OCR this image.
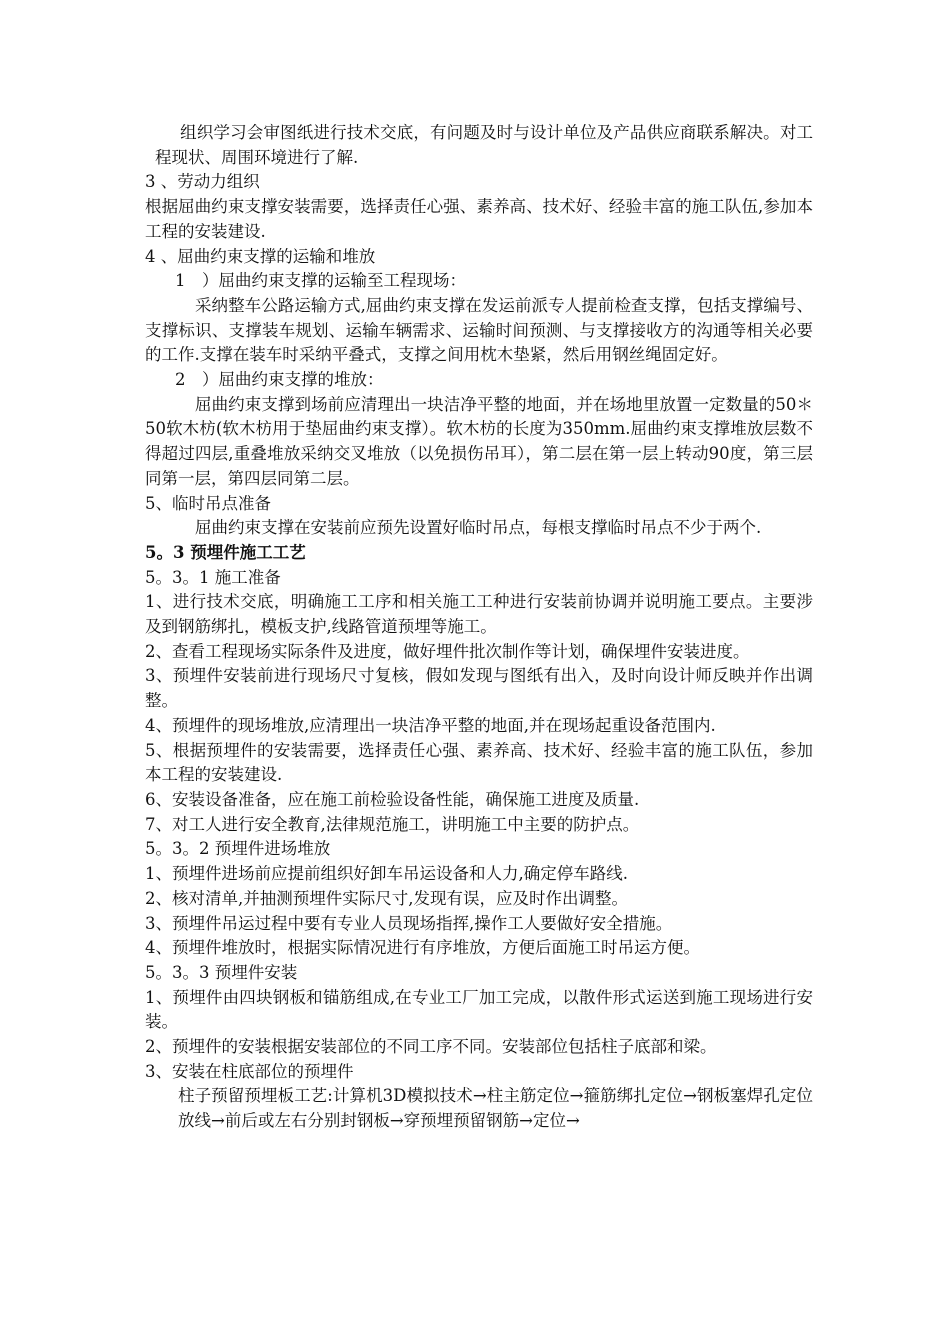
组织学习会审图纸进行技术交底，有问题及时与设计单位及产品供应商联系解决。对工程现状、周围环境进行了解.

3 、劳动力组织

根据屈曲约束支撑安装需要，选择责任心强、素养高、技术好、经验丰富的施工队伍,参加本工程的安装建设.

4 、屈曲约束支撑的运输和堆放

1　）屈曲约束支撑的运输至工程现场：

采纳整车公路运输方式,屈曲约束支撑在发运前派专人提前检查支撑，包括支撑编号、支撑标识、支撑装车规划、运输车辆需求、运输时间预测、与支撑接收方的沟通等相关必要的工作.支撑在装车时采纳平叠式，支撑之间用枕木垫紧，然后用钢丝绳固定好。

2　）屈曲约束支撑的堆放：

屈曲约束支撑到场前应清理出一块洁净平整的地面，并在场地里放置一定数量的50＊50软木枋(软木枋用于垫屈曲约束支撑）。软木枋的长度为350mm.屈曲约束支撑堆放层数不得超过四层,重叠堆放采纳交叉堆放（以免损伤吊耳），第二层在第一层上转动90度，第三层同第一层，第四层同第二层。

5、临时吊点准备

屈曲约束支撑在安装前应预先设置好临时吊点，每根支撑临时吊点不少于两个.

5。3 预埋件施工工艺

5。3。1 施工准备

1、进行技术交底，明确施工工序和相关施工工种进行安装前协调并说明施工要点。主要涉及到钢筋绑扎，模板支护,线路管道预埋等施工。

2、查看工程现场实际条件及进度，做好埋件批次制作等计划，确保埋件安装进度。

3、预埋件安装前进行现场尺寸复核，假如发现与图纸有出入，及时向设计师反映并作出调整。

4、预埋件的现场堆放,应清理出一块洁净平整的地面,并在现场起重设备范围内.

5、根据预埋件的安装需要，选择责任心强、素养高、技术好、经验丰富的施工队伍，参加本工程的安装建设.

6、安装设备准备，应在施工前检验设备性能，确保施工进度及质量.

7、对工人进行安全教育,法律规范施工，讲明施工中主要的防护点。

5。3。2 预埋件进场堆放

1、预埋件进场前应提前组织好卸车吊运设备和人力,确定停车路线.

2、核对清单,并抽测预埋件实际尺寸,发现有误，应及时作出调整。

3、预埋件吊运过程中要有专业人员现场指挥,操作工人要做好安全措施。

4、预埋件堆放时，根据实际情况进行有序堆放，方便后面施工时吊运方便。

5。3。3 预埋件安装

1、预埋件由四块钢板和锚筋组成,在专业工厂加工完成，以散件形式运送到施工现场进行安装。

2、预埋件的安装根据安装部位的不同工序不同。安装部位包括柱子底部和梁。

3、安装在柱底部位的预埋件

柱子预留预埋板工艺:计算机3D模拟技术→柱主筋定位→箍筋绑扎定位→钢板塞焊孔定位放线→前后或左右分别封钢板→穿预埋预留钢筋→定位→
